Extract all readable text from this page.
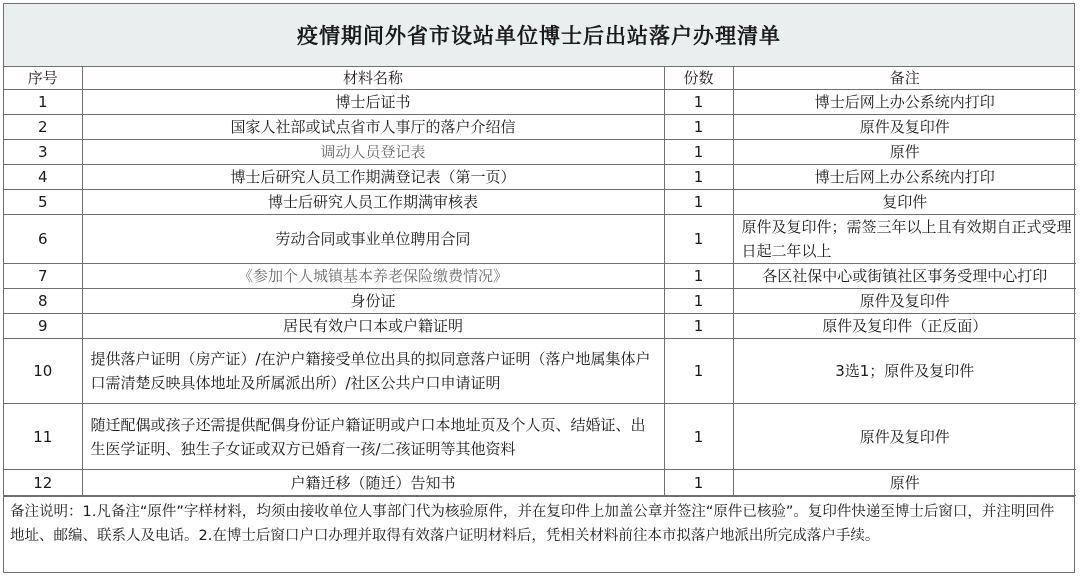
疫情期间外省市设站单位博士后出站落户办理清单
序号	材料名称	份数	备注
1	博士后证书	1	博士后网上办公系统内打印
2	国家人社部或试点省市人事厅的落户介绍信	1	原件及复印件
3	调动人员登记表	1	原件
4	博士后研究人员工作期满登记表（第一页）	1	博士后网上办公系统内打印
5	博士后研究人员工作期满审核表	1	复印件
6	劳动合同或事业单位聘用合同	1	原件及复印件；需签三年以上且有效期自正式受理日起二年以上
7	《参加个人城镇基本养老保险缴费情况》	1	各区社保中心或街镇社区事务受理中心打印
8	身份证	1	原件及复印件
9	居民有效户口本或户籍证明	1	原件及复印件（正反面）
10	提供落户证明（房产证）/在沪户籍接受单位出具的拟同意落户证明（落户地属集体户口需清楚反映具体地址及所属派出所）/社区公共户口申请证明	1	3选1；原件及复印件
11	随迁配偶或孩子还需提供配偶身份证户籍证明或户口本地址页及个人页、结婚证、出生医学证明、独生子女证或双方已婚育一孩/二孩证明等其他资料	1	原件及复印件
12	户籍迁移（随迁）告知书	1	原件
备注说明：1.凡备注“原件”字样材料，均须由接收单位人事部门代为核验原件，并在复印件上加盖公章并签注“原件已核验”。复印件快递至博士后窗口，并注明回件地址、邮编、联系人及电话。2.在博士后窗口户口办理并取得有效落户证明材料后，凭相关材料前往本市拟落户地派出所完成落户手续。
